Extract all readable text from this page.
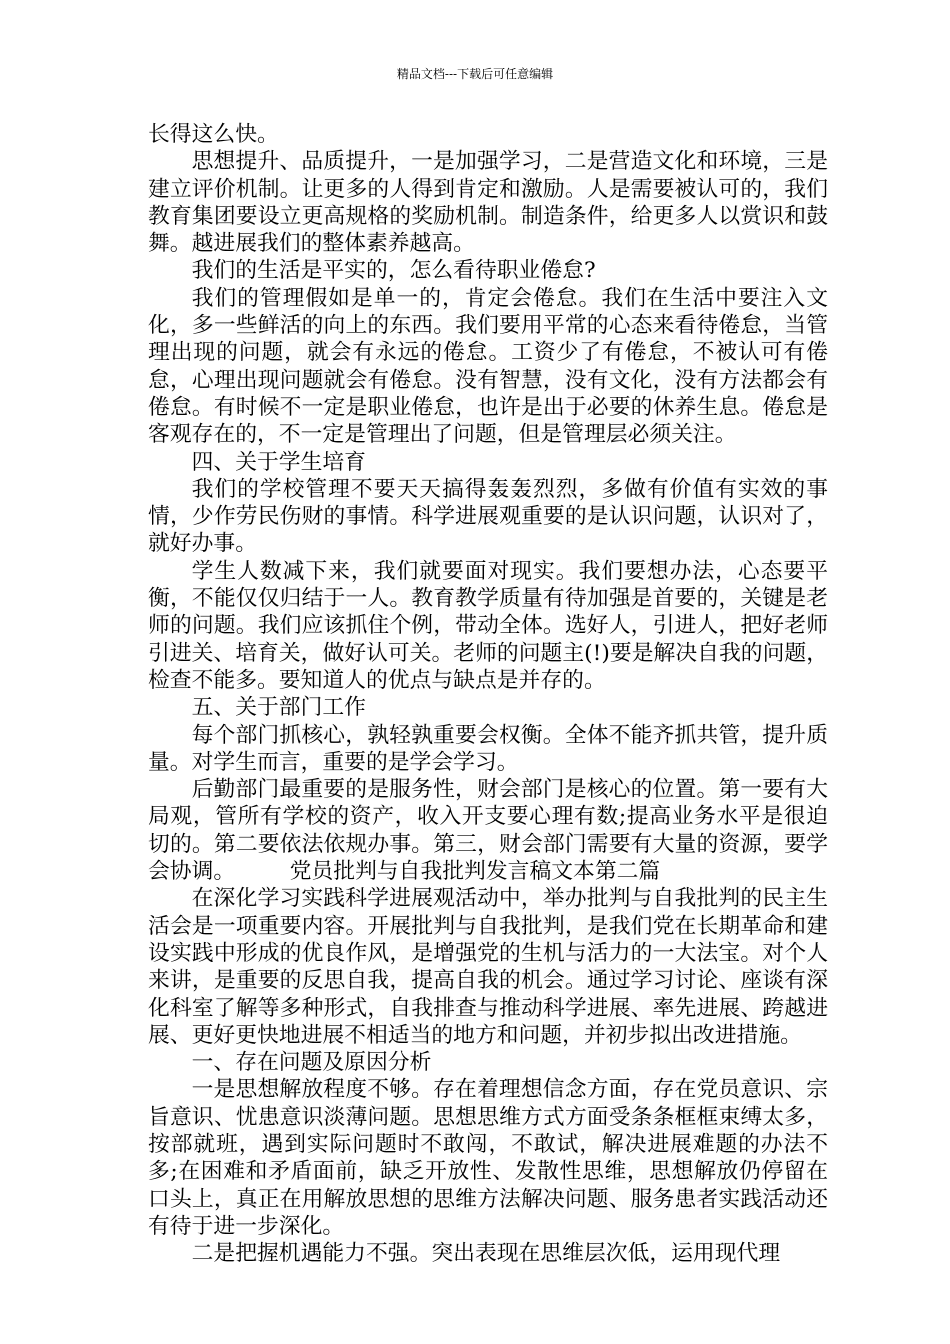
精品文档---下载后可任意编辑

长得这么快。

思想提升、品质提升，一是加强学习，二是营造文化和环境，三是建立评价机制。让更多的人得到肯定和激励。人是需要被认可的，我们教育集团要设立更高规格的奖励机制。制造条件，给更多人以赏识和鼓舞。越进展我们的整体素养越高。

我们的生活是平实的，怎么看待职业倦怠?

我们的管理假如是单一的，肯定会倦怠。我们在生活中要注入文化，多一些鲜活的向上的东西。我们要用平常的心态来看待倦怠，当管理出现的问题，就会有永远的倦怠。工资少了有倦怠，不被认可有倦怠，心理出现问题就会有倦怠。没有智慧，没有文化，没有方法都会有倦怠。有时候不一定是职业倦怠，也许是出于必要的休养生息。倦怠是客观存在的，不一定是管理出了问题，但是管理层必须关注。

四、关于学生培育

我们的学校管理不要天天搞得轰轰烈烈，多做有价值有实效的事情，少作劳民伤财的事情。科学进展观重要的是认识问题，认识对了，就好办事。

学生人数减下来，我们就要面对现实。我们要想办法，心态要平衡，不能仅仅归结于一人。教育教学质量有待加强是首要的，关键是老师的问题。我们应该抓住个例，带动全体。选好人，引进人，把好老师引进关、培育关，做好认可关。老师的问题主(!)要是解决自我的问题，检查不能多。要知道人的优点与缺点是并存的。

五、关于部门工作

每个部门抓核心，孰轻孰重要会权衡。全体不能齐抓共管，提升质量。对学生而言，重要的是学会学习。

后勤部门最重要的是服务性，财会部门是核心的位置。第一要有大局观，管所有学校的资产，收入开支要心理有数;提高业务水平是很迫切的。第二要依法依规办事。第三，财会部门需要有大量的资源，要学会协调。　　　党员批判与自我批判发言稿文本第二篇

在深化学习实践科学进展观活动中，举办批判与自我批判的民主生活会是一项重要内容。开展批判与自我批判，是我们党在长期革命和建设实践中形成的优良作风，是增强党的生机与活力的一大法宝。对个人来讲，是重要的反思自我，提高自我的机会。通过学习讨论、座谈有深化科室了解等多种形式，自我排查与推动科学进展、率先进展、跨越进展、更好更快地进展不相适当的地方和问题，并初步拟出改进措施。

一、存在问题及原因分析

一是思想解放程度不够。存在着理想信念方面，存在党员意识、宗旨意识、忧患意识淡薄问题。思想思维方式方面受条条框框束缚太多，按部就班，遇到实际问题时不敢闯，不敢试，解决进展难题的办法不多;在困难和矛盾面前，缺乏开放性、发散性思维，思想解放仍停留在口头上，真正在用解放思想的思维方法解决问题、服务患者实践活动还有待于进一步深化。

二是把握机遇能力不强。突出表现在思维层次低，运用现代理
